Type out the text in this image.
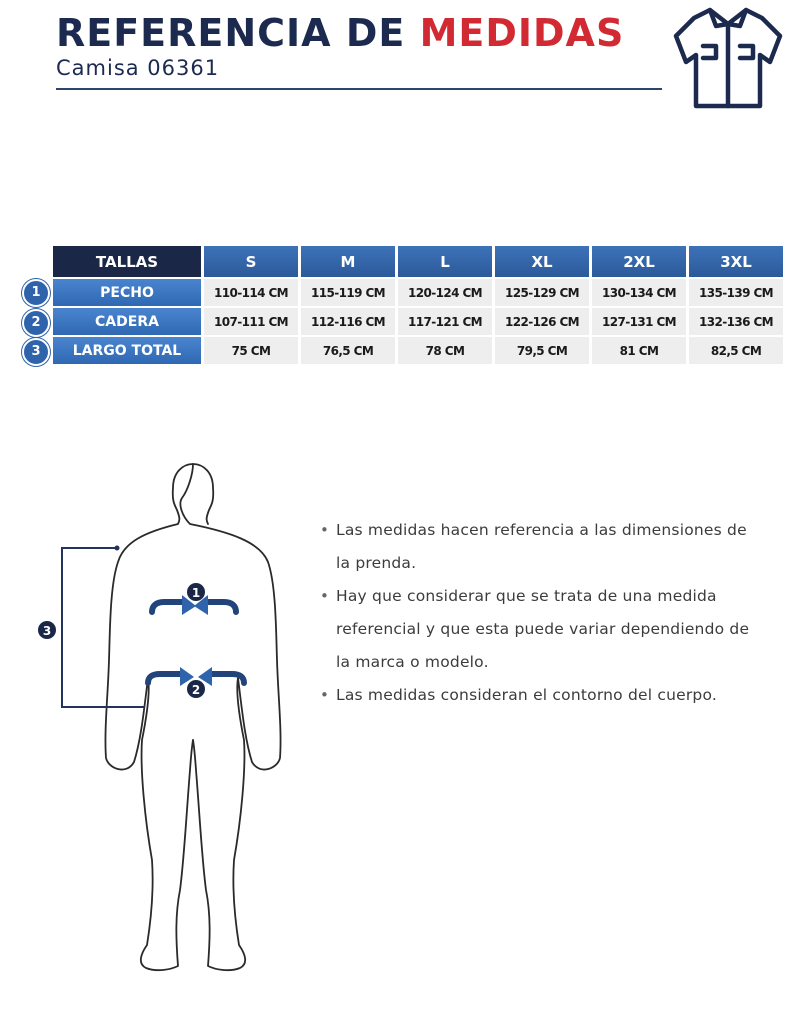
REFERENCIA DE MEDIDAS

Camisa 06361

TALLAS	S	M	L	XL	2XL	3XL
PECHO	110-114 CM	115-119 CM	120-124 CM	125-129 CM	130-134 CM	135-139 CM
CADERA	107-111 CM	112-116 CM	117-121 CM	122-126 CM	127-131 CM	132-136 CM
LARGO TOTAL	75 CM	76,5 CM	78 CM	79,5 CM	81 CM	82,5 CM
1
2
3
1
2
3
• Las medidas hacen referencia a las dimensiones de la prenda.
• Hay que considerar que se trata de una medida referencial y que esta puede variar dependiendo de la marca o modelo.
• Las medidas consideran el contorno del cuerpo.
